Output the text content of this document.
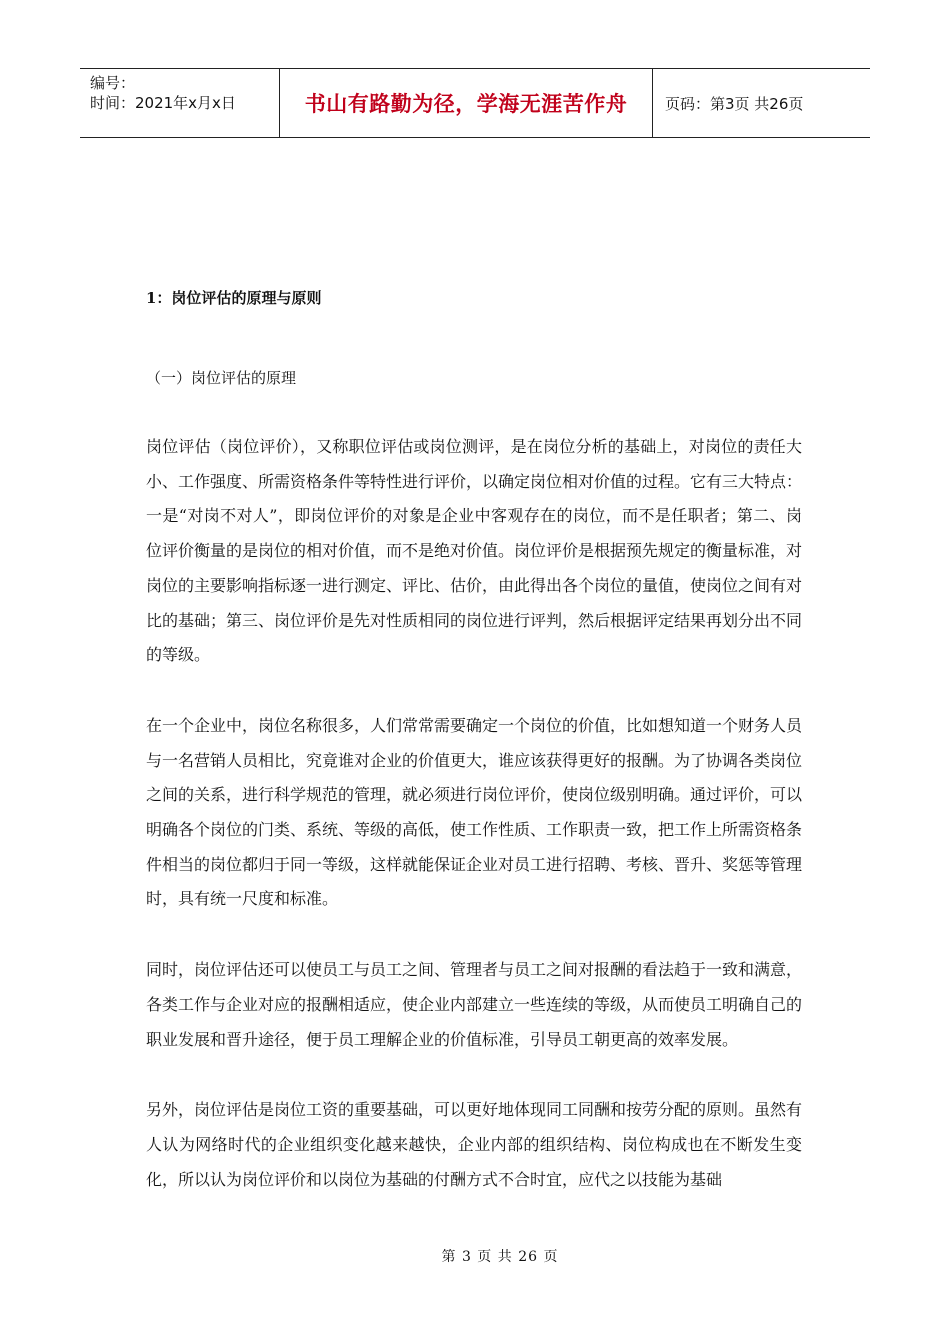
编号：
时间：2021年x月x日	书山有路勤为径，学海无涯苦作舟	页码：第3页 共26页

1：岗位评估的原理与原则

（一）岗位评估的原理

岗位评估（岗位评价），又称职位评估或岗位测评，是在岗位分析的基础上，对岗位的责任大小、工作强度、所需资格条件等特性进行评价，以确定岗位相对价值的过程。它有三大特点：一是“对岗不对人”，即岗位评价的对象是企业中客观存在的岗位，而不是任职者；第二、岗位评价衡量的是岗位的相对价值，而不是绝对价值。岗位评价是根据预先规定的衡量标准，对岗位的主要影响指标逐一进行测定、评比、估价，由此得出各个岗位的量值，使岗位之间有对比的基础；第三、岗位评价是先对性质相同的岗位进行评判，然后根据评定结果再划分出不同的等级。

在一个企业中，岗位名称很多，人们常常需要确定一个岗位的价值，比如想知道一个财务人员与一名营销人员相比，究竟谁对企业的价值更大，谁应该获得更好的报酬。为了协调各类岗位之间的关系，进行科学规范的管理，就必须进行岗位评价，使岗位级别明确。通过评价，可以明确各个岗位的门类、系统、等级的高低，使工作性质、工作职责一致，把工作上所需资格条件相当的岗位都归于同一等级，这样就能保证企业对员工进行招聘、考核、晋升、奖惩等管理时，具有统一尺度和标准。

同时，岗位评估还可以使员工与员工之间、管理者与员工之间对报酬的看法趋于一致和满意，各类工作与企业对应的报酬相适应，使企业内部建立一些连续的等级，从而使员工明确自己的职业发展和晋升途径，便于员工理解企业的价值标准，引导员工朝更高的效率发展。

另外，岗位评估是岗位工资的重要基础，可以更好地体现同工同酬和按劳分配的原则。虽然有人认为网络时代的企业组织变化越来越快，企业内部的组织结构、岗位构成也在不断发生变化，所以认为岗位评价和以岗位为基础的付酬方式不合时宜，应代之以技能为基础

第 3 页 共 26 页
